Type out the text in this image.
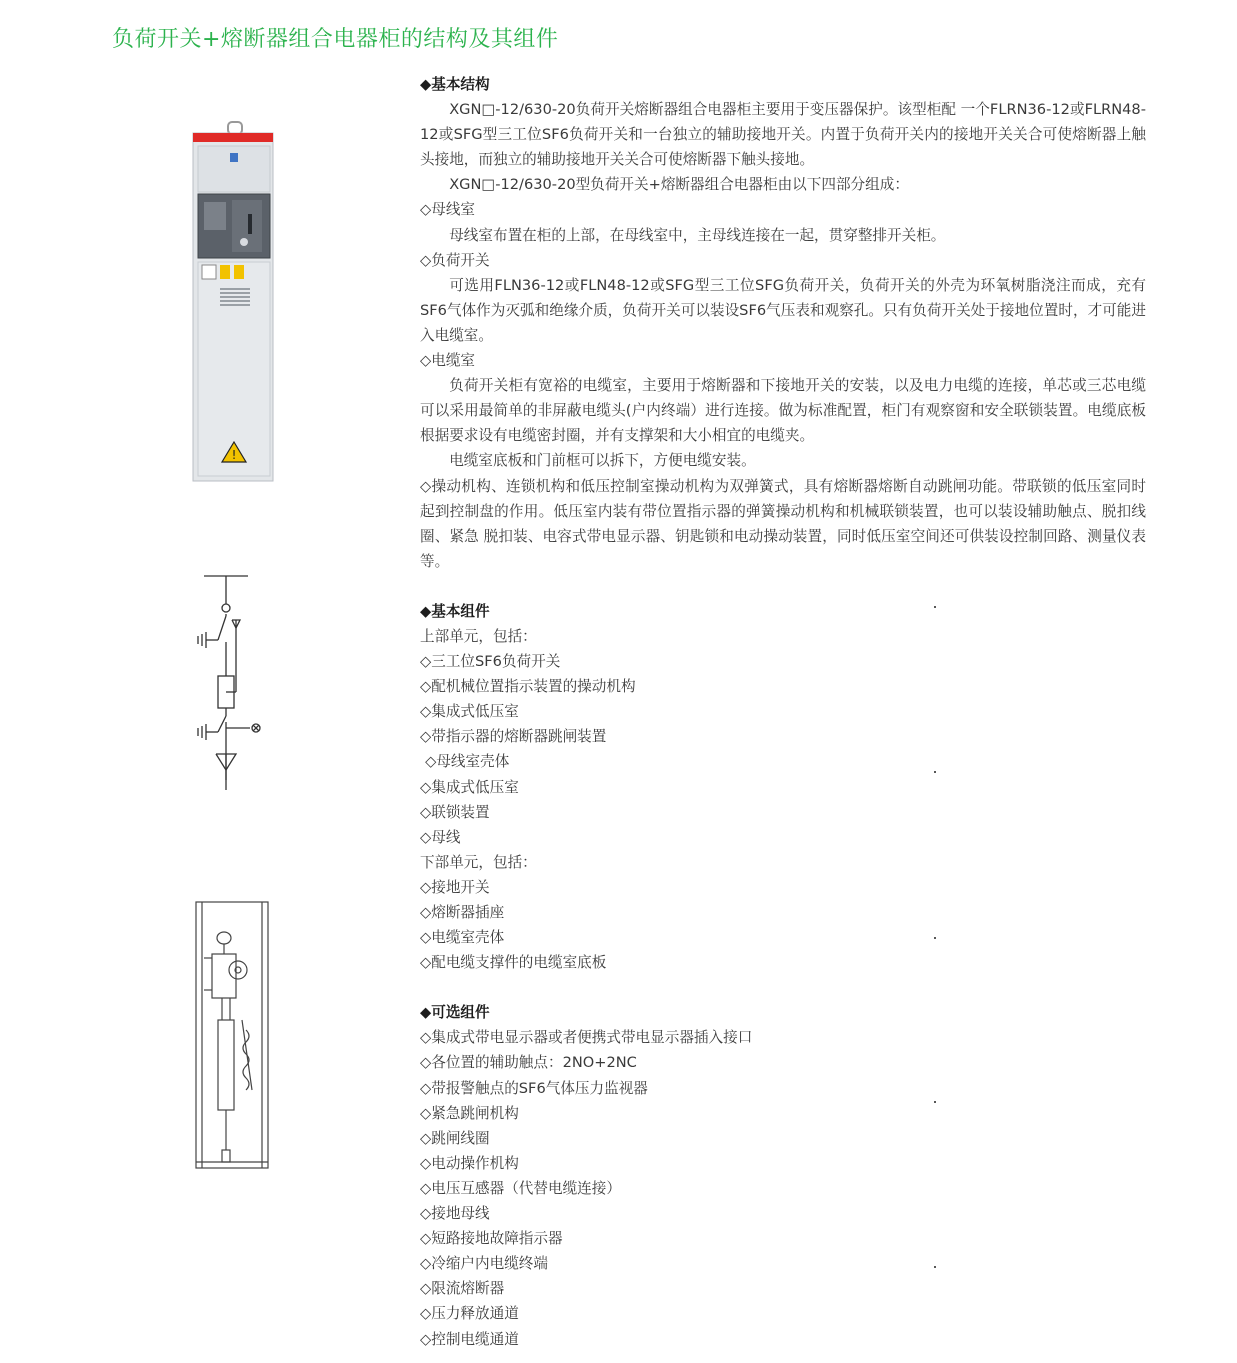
负荷开关+熔断器组合电器柜的结构及其组件
!

◆基本结构

XGN□-12/630-20负荷开关熔断器组合电器柜主要用于变压器保护。该型柜配 一个FLRN36-12或FLRN48-12或SFG型三工位SF6负荷开关和一台独立的辅助接地开关。内置于负荷开关内的接地开关关合可使熔断器上触头接地，而独立的辅助接地开关关合可使熔断器下触头接地。

XGN□-12/630-20型负荷开关+熔断器组合电器柜由以下四部分组成：

◇母线室

母线室布置在柜的上部，在母线室中，主母线连接在一起，贯穿整排开关柜。

◇负荷开关

可选用FLN36-12或FLN48-12或SFG型三工位SFG负荷开关，负荷开关的外壳为环氧树脂浇注而成，充有SF6气体作为灭弧和绝缘介质，负荷开关可以装设SF6气压表和观察孔。只有负荷开关处于接地位置时，才可能进入电缆室。

◇电缆室

负荷开关柜有宽裕的电缆室，主要用于熔断器和下接地开关的安装，以及电力电缆的连接，单芯或三芯电缆可以采用最简单的非屏蔽电缆头(户内终端）进行连接。做为标准配置，柜门有观察窗和安全联锁装置。电缆底板根据要求设有电缆密封圈，并有支撑架和大小相宜的电缆夹。

电缆室底板和门前框可以拆下，方便电缆安装。

◇操动机构、连锁机构和低压控制室操动机构为双弹簧式，具有熔断器熔断自动跳闸功能。带联锁的低压室同时起到控制盘的作用。低压室内装有带位置指示器的弹簧操动机构和机械联锁装置，也可以装设辅助触点、脱扣线圈、紧急 脱扣装、电容式带电显示器、钥匙锁和电动操动装置，同时低压室空间还可供装设控制回路、测量仪表等。

◆基本组件

上部单元，包括：

◇三工位SF6负荷开关

◇配机械位置指示装置的操动机构

◇集成式低压室

◇带指示器的熔断器跳闸装置

◇母线室壳体

◇集成式低压室

◇联锁装置

◇母线

下部单元，包括：

◇接地开关

◇熔断器插座

◇电缆室壳体

◇配电缆支撑件的电缆室底板

◆可选组件

◇集成式带电显示器或者便携式带电显示器插入接口

◇各位置的辅助触点：2NO+2NC

◇带报警触点的SF6气体压力监视器

◇紧急跳闸机构

◇跳闸线圈

◇电动操作机构

◇电压互感器（代替电缆连接）

◇接地母线

◇短路接地故障指示器

◇冷缩户内电缆终端

◇限流熔断器

◇压力释放通道

◇控制电缆通道
